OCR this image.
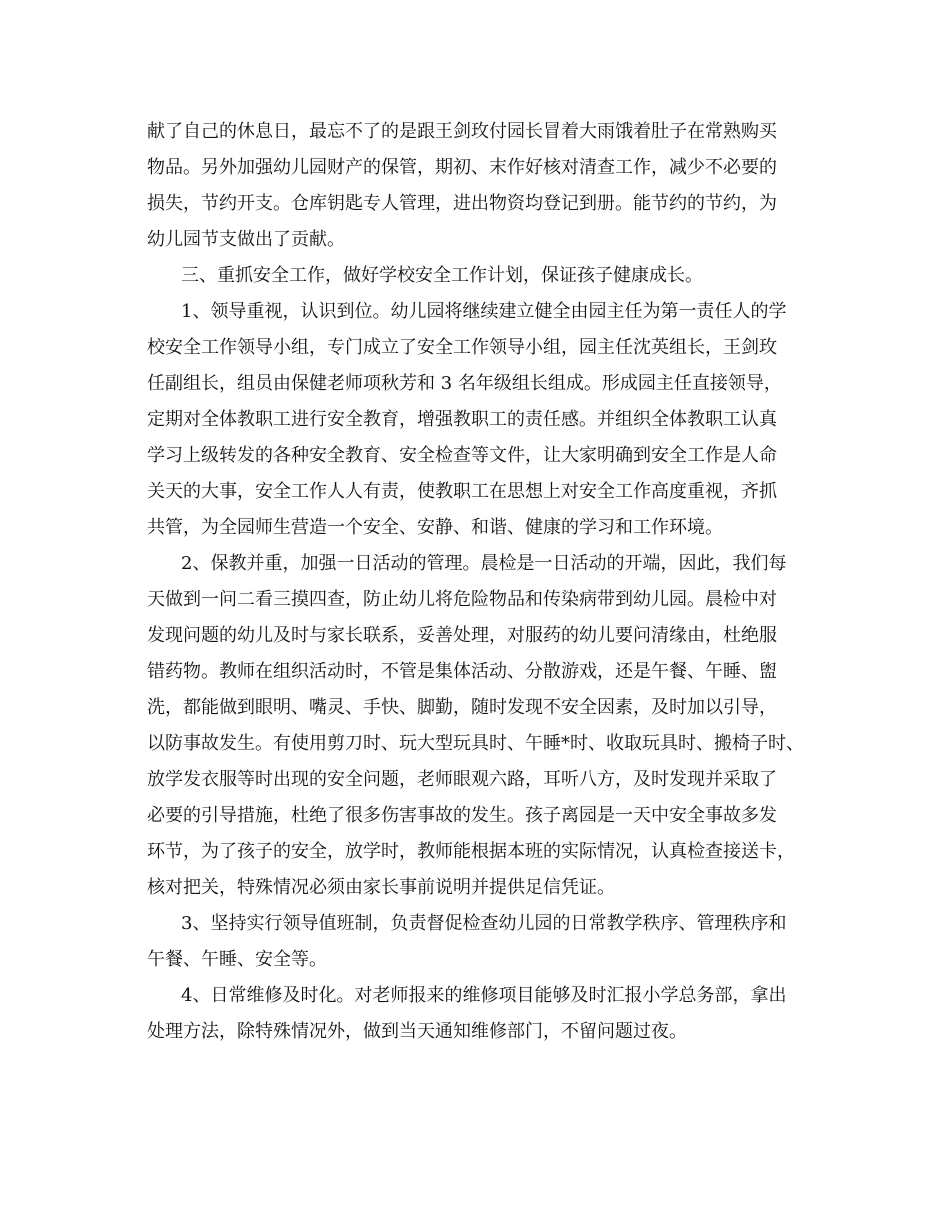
献了自己的休息日，最忘不了的是跟王剑玫付园长冒着大雨饿着肚子在常熟购买
物品。另外加强幼儿园财产的保管，期初、末作好核对清查工作，减少不必要的
损失，节约开支。仓库钥匙专人管理，进出物资均登记到册。能节约的节约，为
幼儿园节支做出了贡献。
三、重抓安全工作，做好学校安全工作计划，保证孩子健康成长。
1、领导重视，认识到位。幼儿园将继续建立健全由园主任为第一责任人的学
校安全工作领导小组，专门成立了安全工作领导小组，园主任沈英组长，王剑玫
任副组长，组员由保健老师项秋芳和 3 名年级组长组成。形成园主任直接领导，
定期对全体教职工进行安全教育，增强教职工的责任感。并组织全体教职工认真
学习上级转发的各种安全教育、安全检查等文件，让大家明确到安全工作是人命
关天的大事，安全工作人人有责，使教职工在思想上对安全工作高度重视，齐抓
共管，为全园师生营造一个安全、安静、和谐、健康的学习和工作环境。
2、保教并重，加强一日活动的管理。晨检是一日活动的开端，因此，我们每
天做到一问二看三摸四查，防止幼儿将危险物品和传染病带到幼儿园。晨检中对
发现问题的幼儿及时与家长联系，妥善处理，对服药的幼儿要问清缘由，杜绝服
错药物。教师在组织活动时，不管是集体活动、分散游戏，还是午餐、午睡、盥
洗，都能做到眼明、嘴灵、手快、脚勤，随时发现不安全因素，及时加以引导，
以防事故发生。有使用剪刀时、玩大型玩具时、午睡*时、收取玩具时、搬椅子时、
放学发衣服等时出现的安全问题，老师眼观六路，耳听八方，及时发现并采取了
必要的引导措施，杜绝了很多伤害事故的发生。孩子离园是一天中安全事故多发
环节，为了孩子的安全，放学时，教师能根据本班的实际情况，认真检查接送卡，
核对把关，特殊情况必须由家长事前说明并提供足信凭证。
3、坚持实行领导值班制，负责督促检查幼儿园的日常教学秩序、管理秩序和
午餐、午睡、安全等。
4、日常维修及时化。对老师报来的维修项目能够及时汇报小学总务部，拿出
处理方法，除特殊情况外，做到当天通知维修部门，不留问题过夜。
